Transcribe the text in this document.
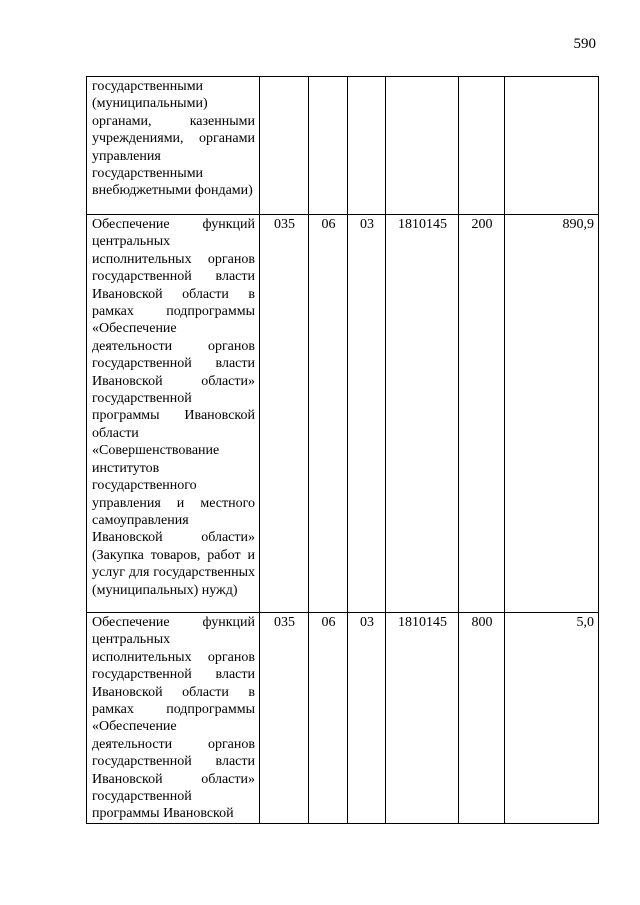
590
государственными (муниципальными) органами, казенными учреждениями, органами управления государственными внебюджетными фондами)						
Обеспечение функций центральных исполнительных органов государственной власти Ивановской области в рамках подпрограммы «Обеспечение деятельности органов государственной власти Ивановской области» государственной программы Ивановской области «Совершенствование институтов государственного управления и местного самоуправления Ивановской области» (Закупка товаров, работ и услуг для государственных (муниципальных) нужд)	035	06	03	1810145	200	890,9
Обеспечение функций центральных исполнительных органов государственной власти Ивановской области в рамках подпрограммы «Обеспечение деятельности органов государственной власти Ивановской области» государственной программы Ивановской	035	06	03	1810145	800	5,0
